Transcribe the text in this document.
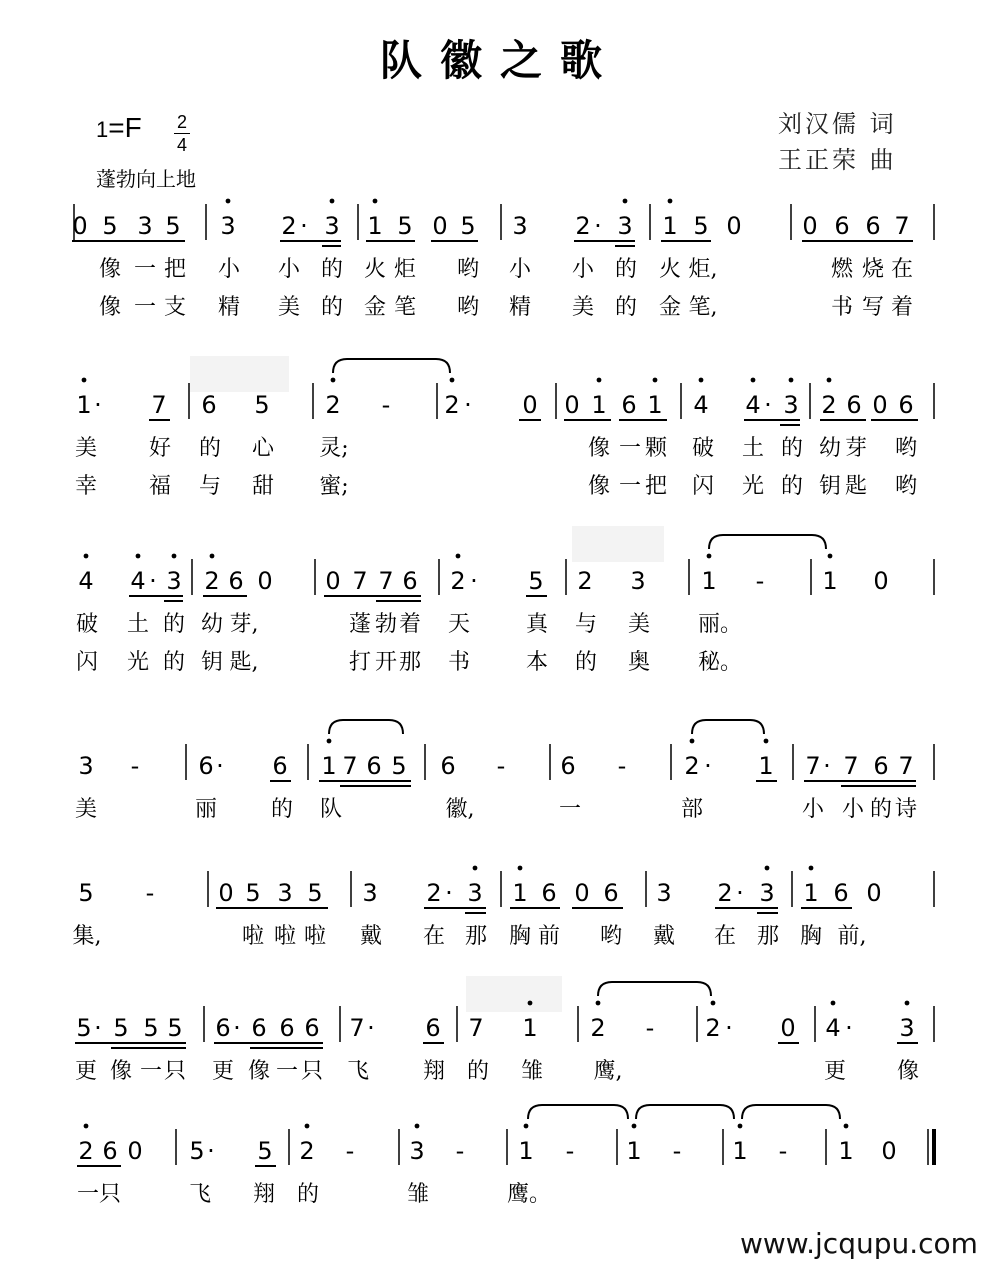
队徽之歌
1=F 2
4
蓬勃向上地
刘汉儒 词
王正荣 曲
0 5 3 5 3 2 · 3 1 5 0 5 3 2 · 3 1 5 0	0 6 6 7
像 一 把 小 小 的 火 炬 哟 小 小 的 火 炬,	燃 烧 在
像 一 支 精 美 的 金 笔 哟 精 美 的 金 笔,	书 写 着
1 · 7 6 5 2 - 2 · 0 0 1 6 1 4 4 · 3 2 6 0 6
美 好 的 心 灵;	像 一 颗 破 土 的 幼 芽 哟
幸 福 与 甜 蜜;	像 一 把 闪 光 的 钥 匙 哟
4 4 · 3 2 6 0 0 7 7 6 2 · 5 2 3 1 - 1 0
破 土 的 幼 芽,	蓬 勃 着 天	真 与 美 丽。
闪 光 的 钥 匙,	打 开 那 书	本 的 奥 秘。
3 - 6 · 6 1 7 6 5 6 - 6 - 2 · 1 7 · 7 6 7
美	丽 的 队	徽,	一	部	小 小 的 诗
5 -	0 5 3 5 3 2 · 3 1 6 0 6 3 2 · 3 1 6 0
集,	啦 啦 啦 戴 在 那 胸 前 哟 戴 在 那 胸 前,
5 · 5 5 5 6 · 6 6 6 7 · 6 7 1 2 - 2 · 0 4 · 3
更 像 一 只 更 像 一 只 飞 翔 的 雏 鹰,	更 像
2 6 0 5 · 5 2 - 3 - 1 - 1 - 1 - 1 0
一只	飞 翔 的	雏	鹰。
www.jcqupu.com
